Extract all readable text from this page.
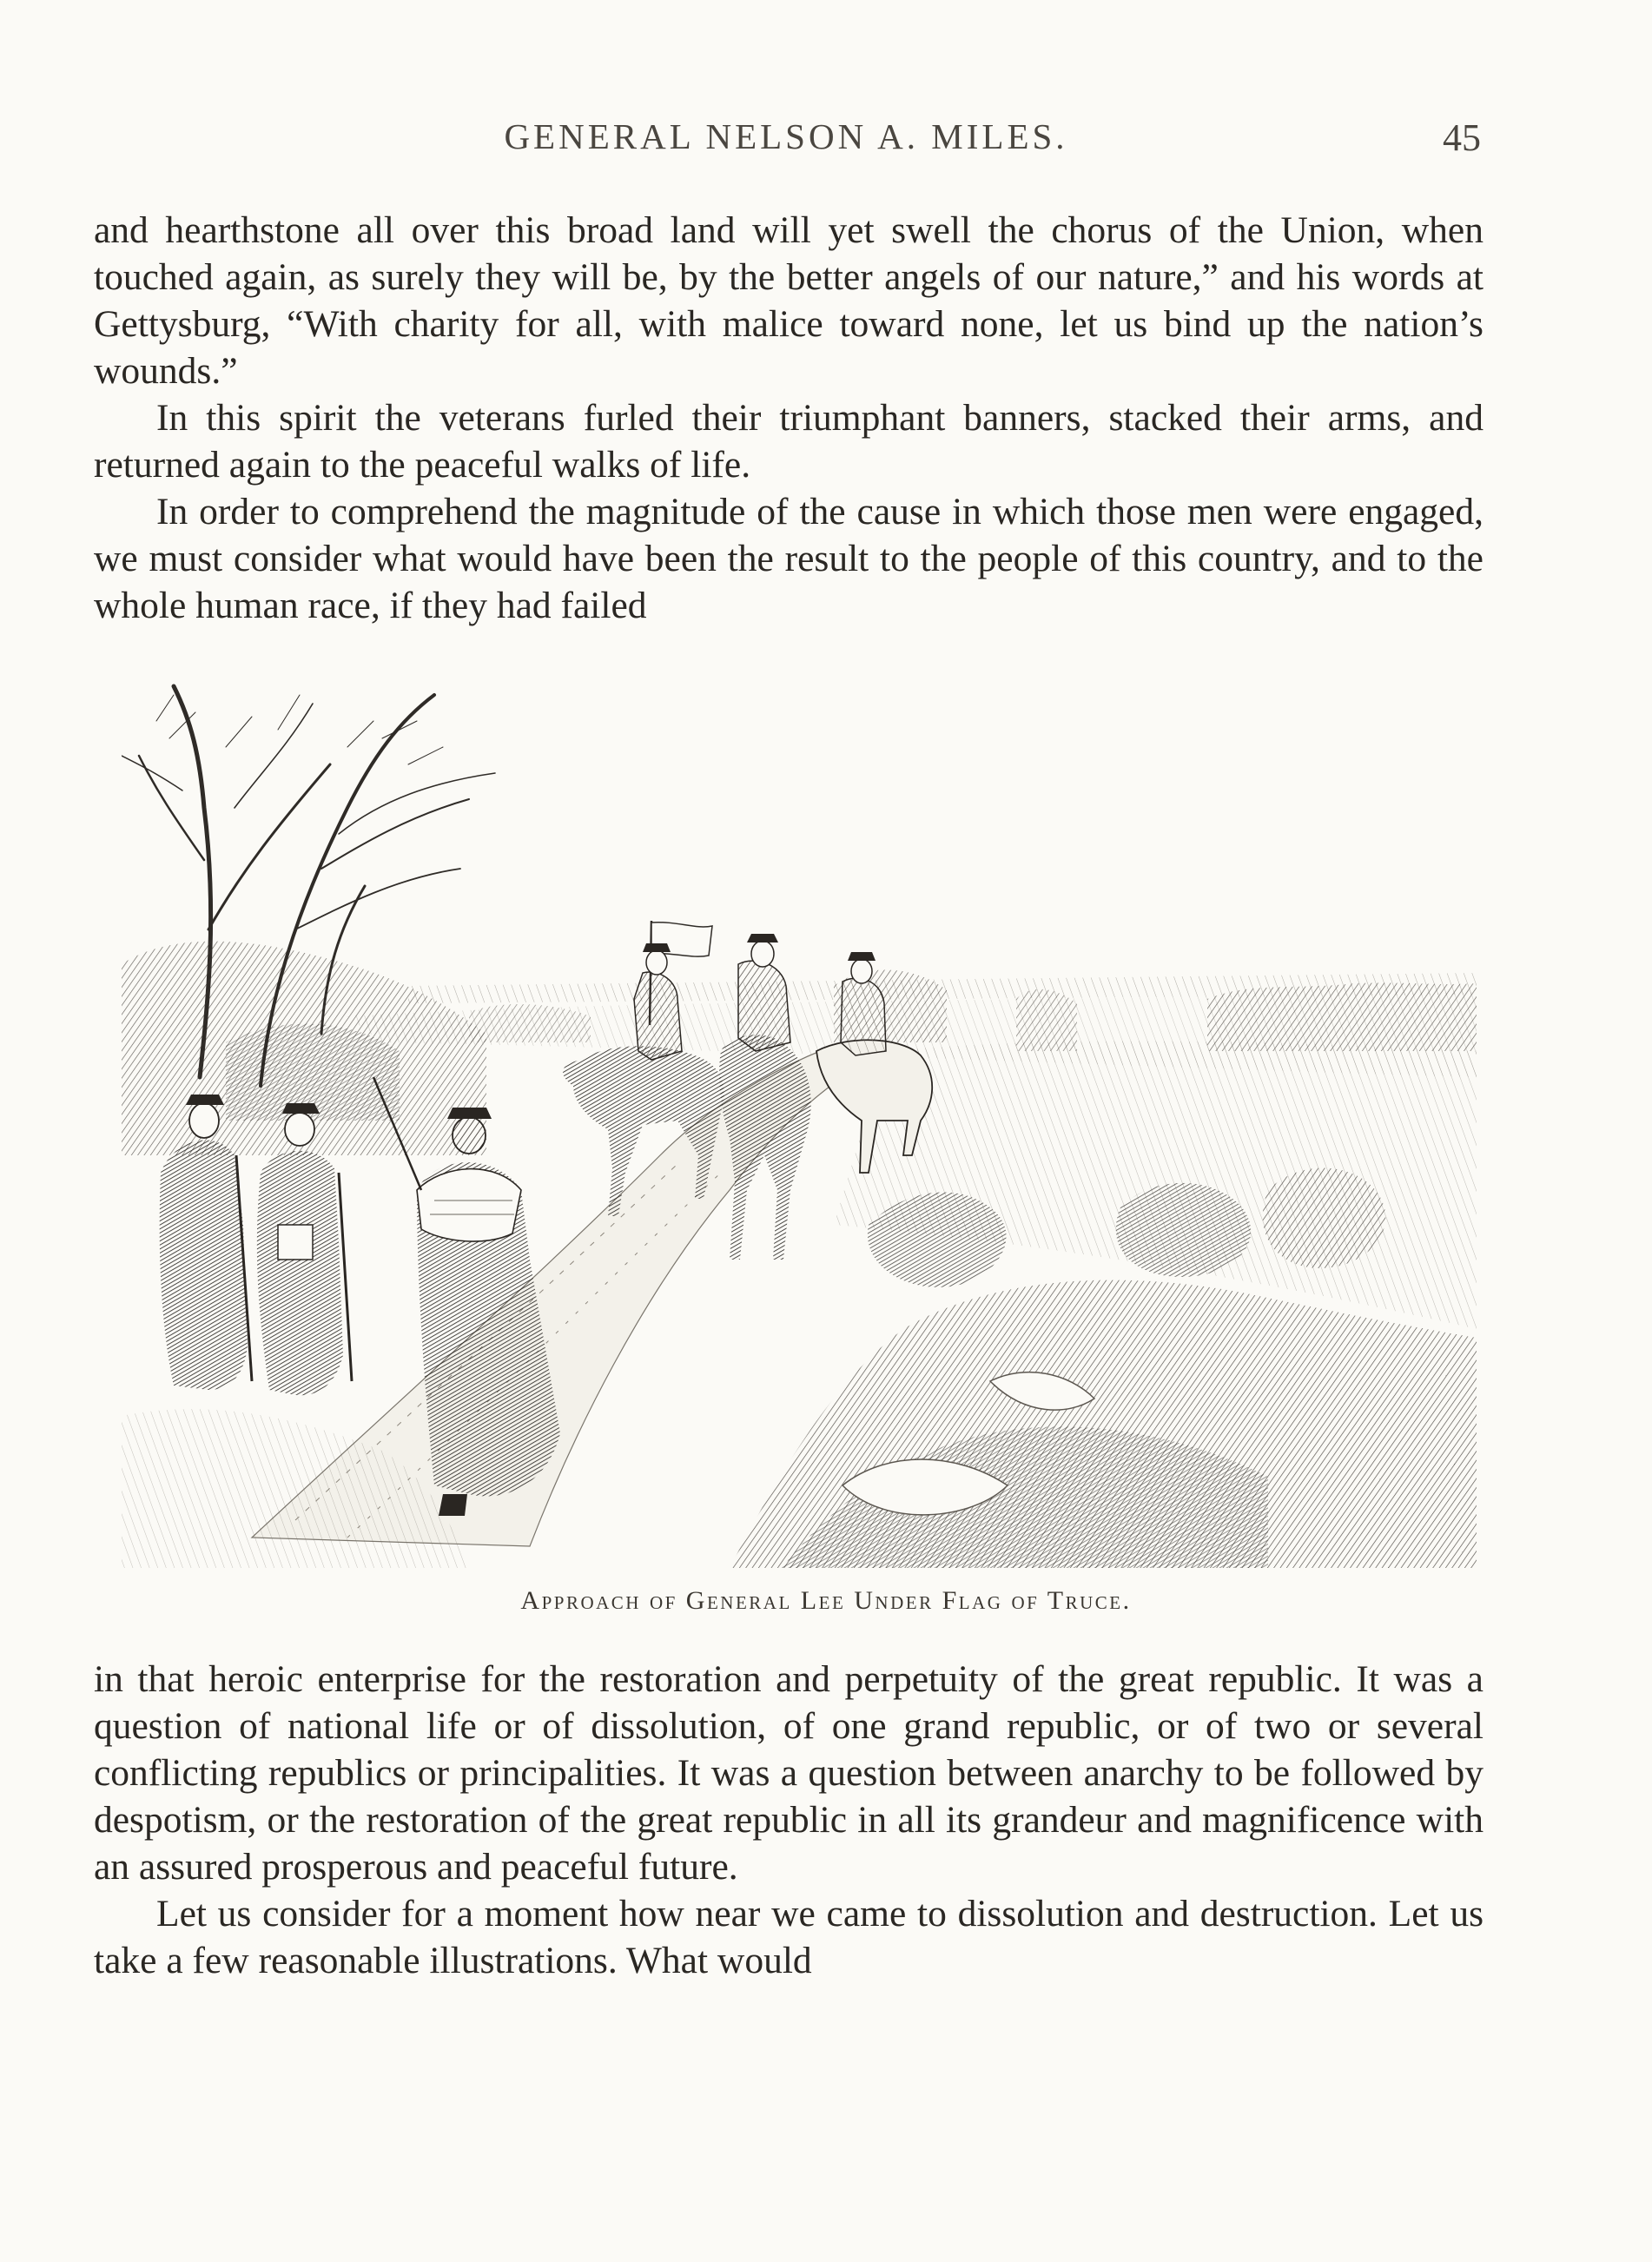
GENERAL NELSON A. MILES.	45

and hearthstone all over this broad land will yet swell the chorus of the Union, when touched again, as surely they will be, by the better angels of our nature,” and his words at Gettysburg, “With charity for all, with malice toward none, let us bind up the nation’s wounds.”

In this spirit the veterans furled their triumphant banners, stacked their arms, and returned again to the peaceful walks of life.

In order to comprehend the magnitude of the cause in which those men were engaged, we must consider what would have been the result to the people of this country, and to the whole human race, if they had failed

Approach of General Lee Under Flag of Truce.

in that heroic enterprise for the restoration and perpetuity of the great republic. It was a question of national life or of dissolution, of one grand republic, or of two or several conflicting republics or principalities. It was a question between anarchy to be followed by despotism, or the restoration of the great republic in all its grandeur and magnificence with an assured prosperous and peaceful future.

Let us consider for a moment how near we came to dissolution and destruction. Let us take a few reasonable illustrations. What would
